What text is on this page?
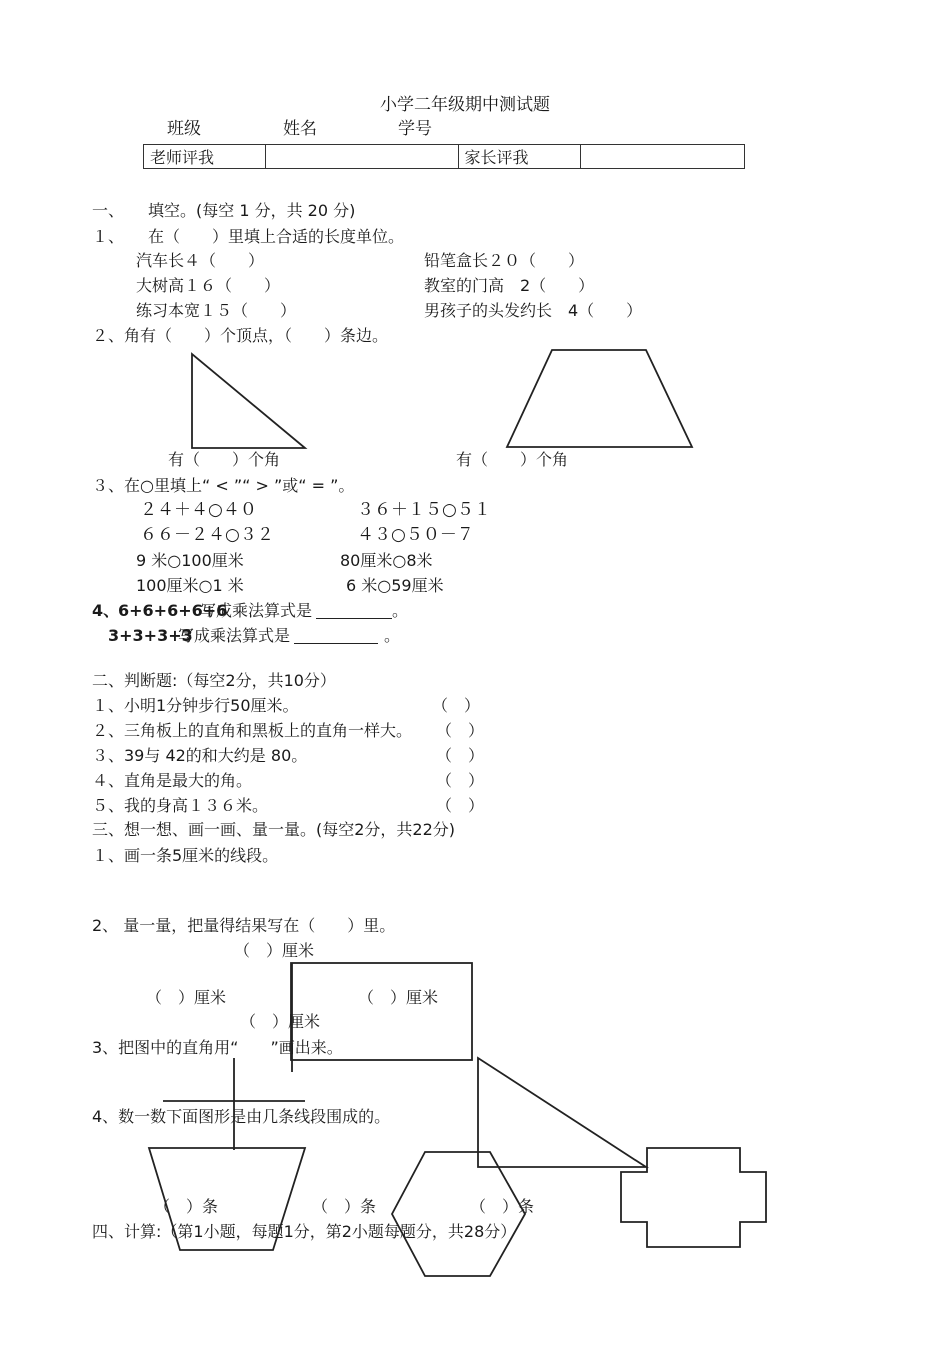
小学二年级期中测试题
班级	姓名	学号
老师评我		家长评我	
一、 填空。(每空 1 分，共 20 分)
１、 在（　　）里填上合适的长度单位。
汽车长４（　　）	铅笔盒长２０（　　）
大树高１６（　　）	教室的门高　2（　　）
练习本宽１５（　　）	男孩子的头发约长　4（　　）
２、角有（　　）个顶点，（　　）条边。
有（　　）个角	有（　　）个角
３、在○里填上“ < ”“ > ”或“ = ”。
２４＋４○４０	３６＋１５○５１
６６－２４○３２	４３○５０－７
9 米○100厘米	80厘米○8米
100厘米○1 米	6 米○59厘米
4、
6+6+6+6+6
写成乘法算式是	。
3+3+3+3
写成乘法算式是	。
二、判断题:（每空2分，共10分）
１、小明1分钟步行50厘米。	（　）
２、三角板上的直角和黑板上的直角一样大。 （　）
３、39与 42的和大约是 80。	（　）
４、直角是最大的角。	（　）
５、我的身高１３６米。	（　）
三、想一想、画一画、量一量。(每空2分，共22分)
１、画一条5厘米的线段。
2、 量一量，把量得结果写在（　　）里。
（　）厘米
（　）厘米	（　）厘米
（　）厘米
3、把图中的直角用“　　”画出来。
4、数一数下面图形是由几条线段围成的。
（　）条	（　）条	（　）条
四、计算:（第1小题，每题1分，第2小题每题分，共28分）
